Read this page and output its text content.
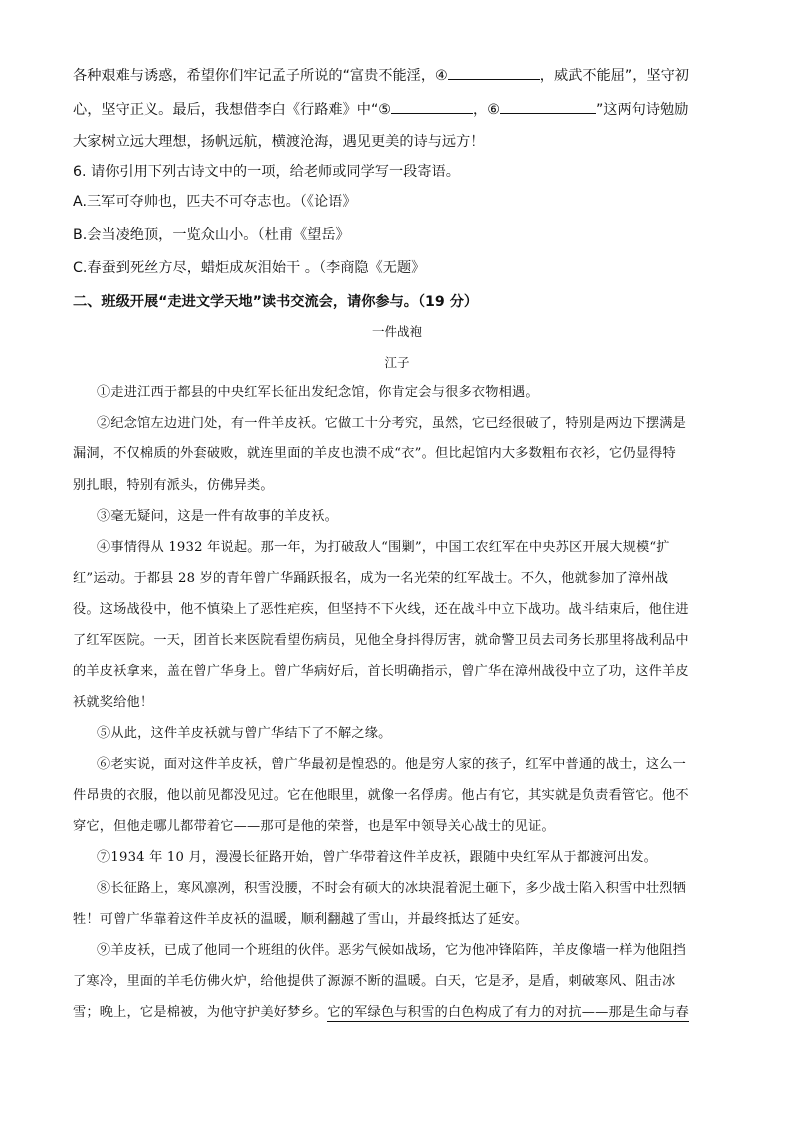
各种艰难与诱惑，希望你们牢记孟子所说的“富贵不能淫，④	，威武不能屈”，坚守初
心，坚守正义。最后，我想借李白《行路难》中“⑤	，⑥	”这两句诗勉励
大家树立远大理想，扬帆远航，横渡沧海，遇见更美的诗与远方！
6. 请你引用下列古诗文中的一项，给老师或同学写一段寄语。
A.三军可夺帅也，匹夫不可夺志也。（《论语》
B.会当凌绝顶，一览众山小。（杜甫《望岳》
C.春蚕到死丝方尽，蜡炬成灰泪始干 。（李商隐《无题》
二、班级开展“走进文学天地”读书交流会，请你参与。（19 分）
一件战袍
江子
①走进江西于都县的中央红军长征出发纪念馆，你肯定会与很多衣物相遇。
②纪念馆左边进门处，有一件羊皮袄。它做工十分考究，虽然，它已经很破了，特别是两边下摆满是
漏洞，不仅棉质的外套破败，就连里面的羊皮也溃不成“衣”。但比起馆内大多数粗布衣衫，它仍显得特
别扎眼，特别有派头，仿佛异类。
③毫无疑问，这是一件有故事的羊皮袄。
④事情得从 1932 年说起。那一年，为打破敌人“围剿”，中国工农红军在中央苏区开展大规模“扩
红”运动。于都县 28 岁的青年曾广华踊跃报名，成为一名光荣的红军战士。不久，他就参加了漳州战
役。这场战役中，他不慎染上了恶性疟疾，但坚持不下火线，还在战斗中立下战功。战斗结束后，他住进
了红军医院。一天，团首长来医院看望伤病员，见他全身抖得厉害，就命警卫员去司务长那里将战利品中
的羊皮袄拿来，盖在曾广华身上。曾广华病好后，首长明确指示，曾广华在漳州战役中立了功，这件羊皮
袄就奖给他！
⑤从此，这件羊皮袄就与曾广华结下了不解之缘。
⑥老实说，面对这件羊皮袄，曾广华最初是惶恐的。他是穷人家的孩子，红军中普通的战士，这么一
件昂贵的衣服，他以前见都没见过。它在他眼里，就像一名俘虏。他占有它，其实就是负责看管它。他不
穿它，但他走哪儿都带着它——那可是他的荣誉，也是军中领导关心战士的见证。
⑦1934 年 10 月，漫漫长征路开始，曾广华带着这件羊皮袄，跟随中央红军从于都渡河出发。
⑧长征路上，寒风凛冽，积雪没腰，不时会有硕大的冰块混着泥土砸下，多少战士陷入积雪中壮烈牺
牲！可曾广华靠着这件羊皮袄的温暖，顺利翻越了雪山，并最终抵达了延安。
⑨羊皮袄，已成了他同一个班组的伙伴。恶劣气候如战场，它为他冲锋陷阵，羊皮像墙一样为他阻挡
了寒冷，里面的羊毛仿佛火炉，给他提供了源源不断的温暖。白天，它是矛，是盾，刺破寒风、阻击冰
雪；晚上，它是棉被，为他守护美好梦乡。它的军绿色与积雪的白色构成了有力的对抗——那是生命与春
